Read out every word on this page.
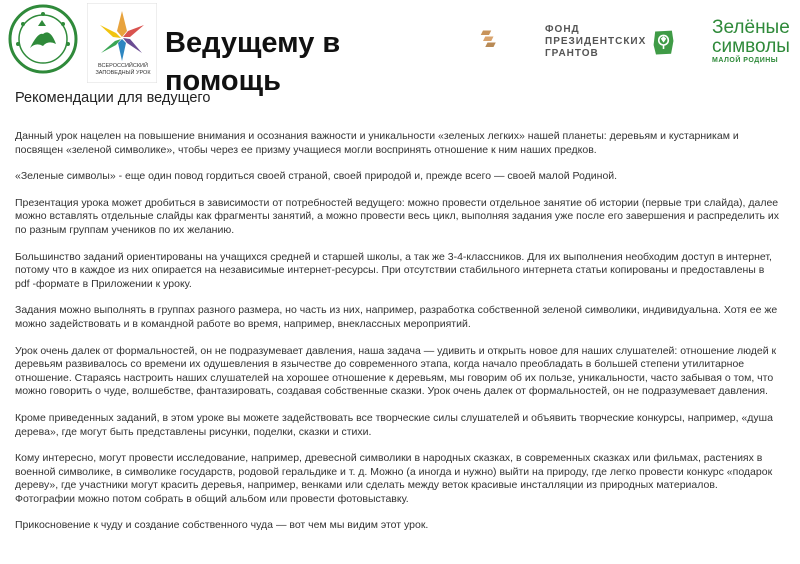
ВСЕРОССИЙСКИЙ ЗАПОВЕДНЫЙ УРОК
Ведущему в помощь
ФОНД
ПРЕЗИДЕНТСКИХ
ГРАНТОВ
Зелёные
символы
МАЛОЙ РОДИНЫ
Рекомендации для ведущего

Данный урок нацелен на повышение внимания и осознания важности и уникальности «зеленых легких» нашей планеты: деревьям и кустарникам и посвящен «зеленой символике», чтобы через ее призму учащиеся могли воспринять отношение к ним наших предков.

«Зеленые символы» - еще один повод гордиться своей страной, своей природой и, прежде всего — своей малой Родиной.

Презентация урока может дробиться в зависимости от потребностей ведущего: можно провести отдельное занятие об истории (первые три слайда), далее можно вставлять отдельные слайды как фрагменты занятий, а можно провести весь цикл, выполняя задания уже после его завершения и распределить их по разным группам учеников по их желанию.

Большинство заданий ориентированы на учащихся средней и старшей школы, а так же 3-4-классников. Для их выполнения необходим доступ в интернет, потому что в каждое из них опирается на независимые интернет-ресурсы. При отсутствии стабильного интернета статьи копированы и предоставлены в pdf -формате в Приложении к уроку.

Задания можно выполнять в группах разного размера, но часть из них, например, разработка собственной зеленой символики, индивидуальна. Хотя ее же можно задействовать и в командной работе во время, например, внеклассных мероприятий.

Урок очень далек от формальностей, он не подразумевает давления, наша задача — удивить и открыть новое для наших слушателей: отношение людей к деревьям развивалось со времени их одушевления в язычестве до современного этапа, когда начало преобладать в большей степени утилитарное отношение. Стараясь настроить наших слушателей на хорошее отношение к деревьям, мы говорим об их пользе, уникальности, часто забывая о том, что можно говорить о чуде, волшебстве, фантазировать, создавая собственные сказки. Урок очень далек от формальностей, он не подразумевает давления.

Кроме приведенных заданий, в этом уроке вы можете задействовать все творческие силы слушателей и объявить творческие конкурсы, например, «душа дерева», где могут быть представлены рисунки, поделки, сказки и стихи.

Кому интересно, могут провести исследование, например, древесной символики в народных сказках, в современных сказках или фильмах, растениях в военной символике, в символике государств, родовой геральдике и т. д. Можно (а иногда и нужно) выйти на природу, где легко провести конкурс «подарок дереву», где участники могут красить деревья, например, венками или сделать между веток красивые инсталляции из природных материалов. Фотографии можно потом собрать в общий альбом или провести фотовыставку.

Прикосновение к чуду и создание собственного чуда — вот чем мы видим этот урок.
